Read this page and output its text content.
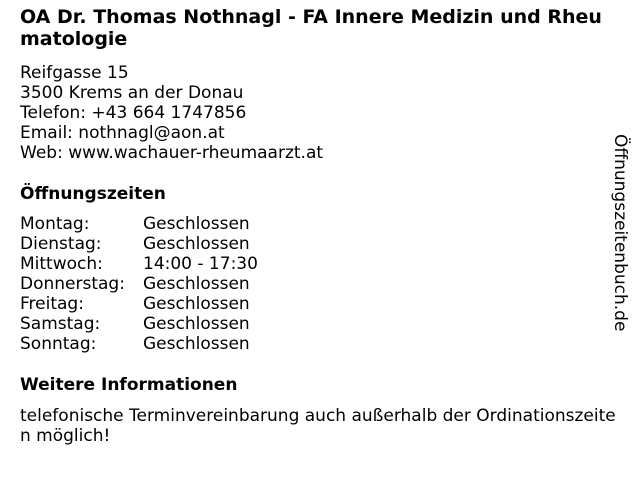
OA Dr. Thomas Nothnagl - FA Innere Medizin und Rheumatologie
Reifgasse 15
3500 Krems an der Donau
Telefon: +43 664 1747856
Email: nothnagl@aon.at
Web: www.wachauer-rheumaarzt.at
Öffnungszeiten
Montag:	Geschlossen
Dienstag:	Geschlossen
Mittwoch:	14:00 - 17:30
Donnerstag:	Geschlossen
Freitag:	Geschlossen
Samstag:	Geschlossen
Sonntag:	Geschlossen
Weitere Informationen
telefonische Terminvereinbarung auch außerhalb der Ordinationszeiten möglich!
Öffnungszeitenbuch.de
